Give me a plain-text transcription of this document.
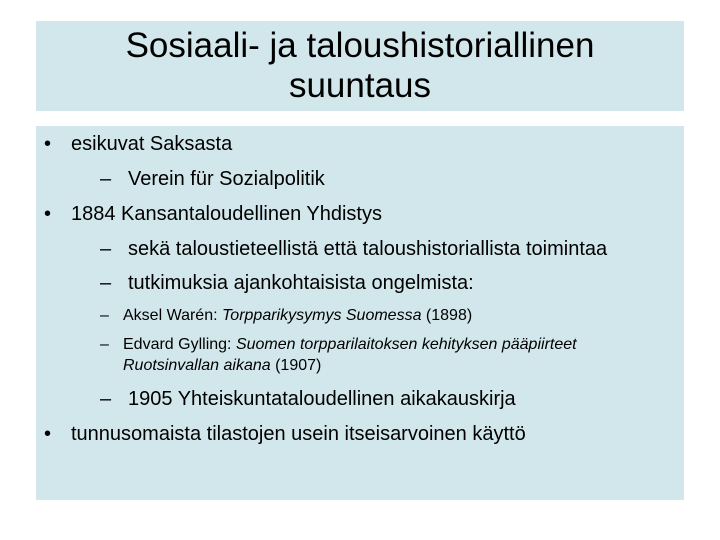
Sosiaali- ja taloushistoriallinen
suuntaus
• esikuvat Saksasta
– Verein für Sozialpolitik
• 1884 Kansantaloudellinen Yhdistys
– sekä taloustieteellistä että taloushistoriallista toimintaa
– tutkimuksia ajankohtaisista ongelmista:
– Aksel Warén: Torpparikysymys Suomessa (1898)
– Edvard Gylling: Suomen torpparilaitoksen kehityksen pääpiirteet
Ruotsinvallan aikana (1907)
– 1905 Yhteiskuntataloudellinen aikakauskirja
• tunnusomaista tilastojen usein itseisarvoinen käyttö
